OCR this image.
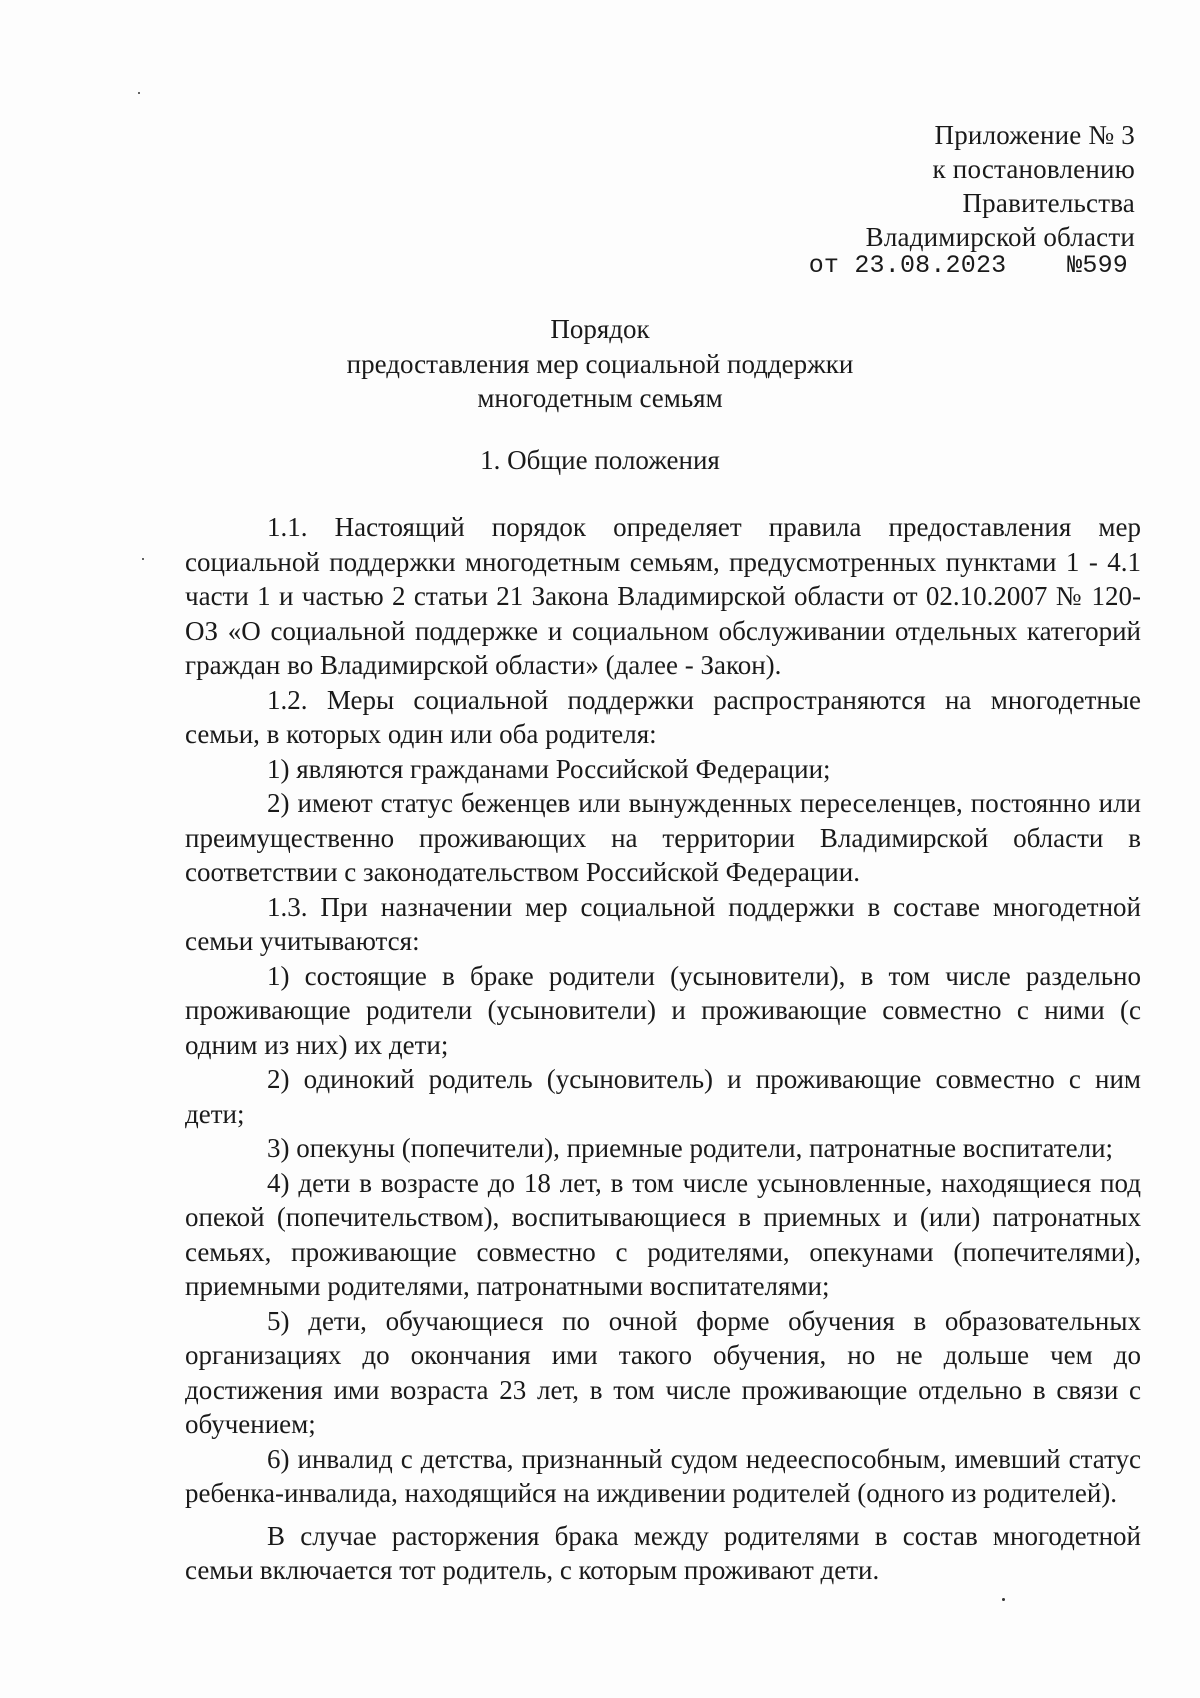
Приложение № 3
к постановлению
Правительства
Владимирской области
от 23.08.2023    №599
Порядок
предоставления мер социальной поддержки
многодетным семьям
1. Общие положения

1.1. Настоящий порядок определяет правила предоставления мер социальной поддержки многодетным семьям, предусмотренных пунктами 1 - 4.1 части 1 и частью 2 статьи 21 Закона Владимирской области от 02.10.2007 № 120-ОЗ «О социальной поддержке и социальном обслуживании отдельных категорий граждан во Владимирской области» (далее - Закон).

1.2. Меры социальной поддержки распространяются на многодетные семьи, в которых один или оба родителя:

1) являются гражданами Российской Федерации;

2) имеют статус беженцев или вынужденных переселенцев, постоянно или преимущественно проживающих на территории Владимирской области в соответствии с законодательством Российской Федерации.

1.3. При назначении мер социальной поддержки в составе многодетной семьи учитываются:

1) состоящие в браке родители (усыновители), в том числе раздельно проживающие родители (усыновители) и проживающие совместно с ними (с одним из них) их дети;

2) одинокий родитель (усыновитель) и проживающие совместно с ним дети;

3) опекуны (попечители), приемные родители, патронатные воспитатели;

4) дети в возрасте до 18 лет, в том числе усыновленные, находящиеся под опекой (попечительством), воспитывающиеся в приемных и (или) патронатных семьях, проживающие совместно с родителями, опекунами (попечителями), приемными родителями, патронатными воспитателями;

5) дети, обучающиеся по очной форме обучения в образовательных организациях до окончания ими такого обучения, но не дольше чем до достижения ими возраста 23 лет, в том числе проживающие отдельно в связи с обучением;

6) инвалид с детства, признанный судом недееспособным, имевший статус ребенка-инвалида, находящийся на иждивении родителей (одного из родителей).

В случае расторжения брака между родителями в состав многодетной семьи включается тот родитель, с которым проживают дети.
